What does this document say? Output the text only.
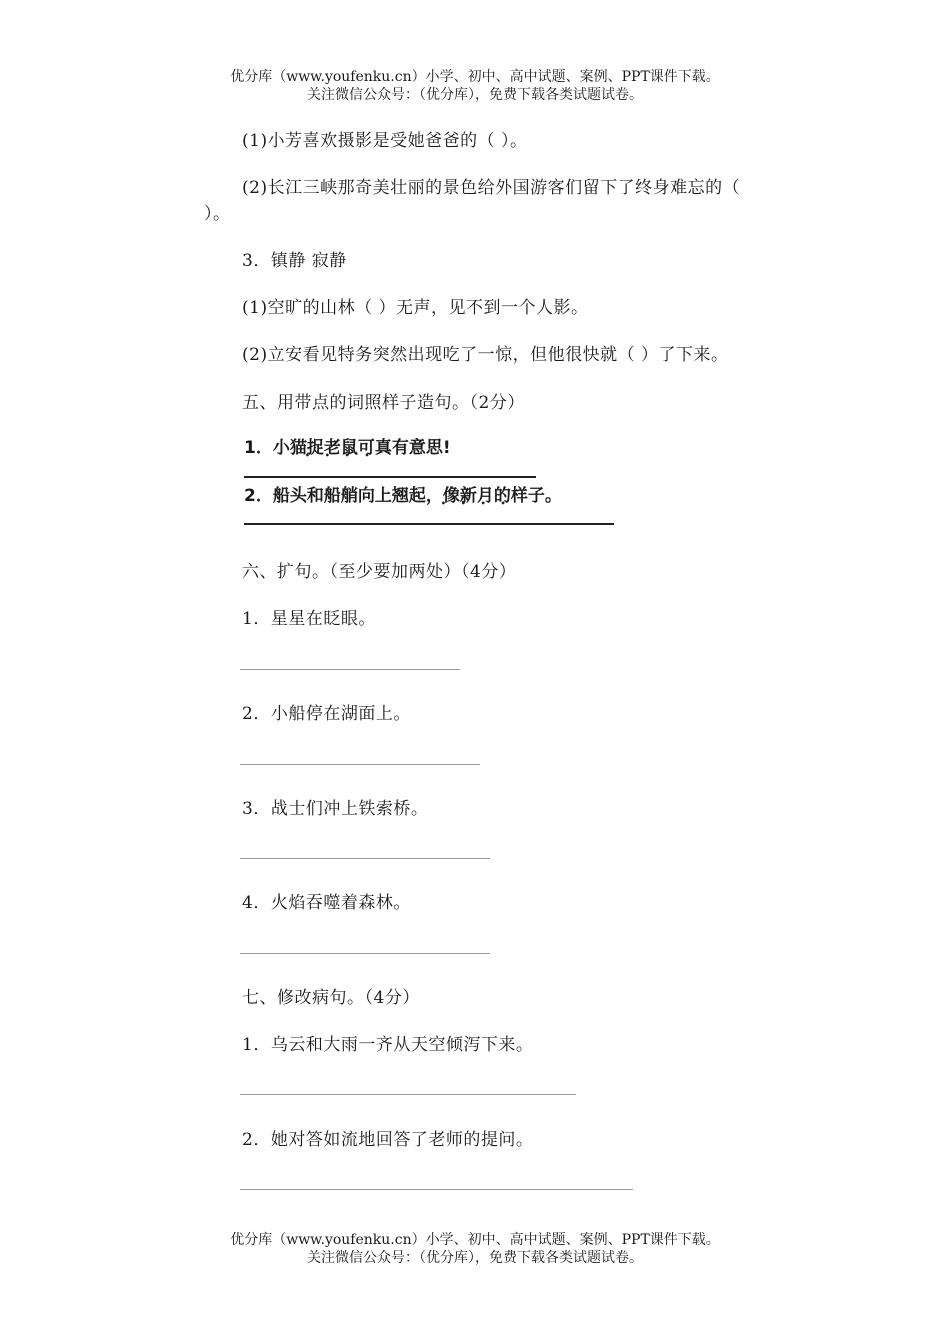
优分库（www.youfenku.cn）小学、初中、高中试题、案例、PPT课件下载。
关注微信公众号：（优分库），免费下载各类试题试卷。
(1)小芳喜欢摄影是受她爸爸的（ ）。
(2)长江三峡那奇美壮丽的景色给外国游客们留下了终身难忘的（
）。
3．镇静 寂静
(1)空旷的山林（ ）无声，见不到一个人影。
(2)立安看见特务突然出现吃了一惊，但他很快就（ ）了下来。
五、用带点的词照样子造句。（2分）
1．小猫捉老鼠 • • • •可真有意思!
2．船头和船艄向上翘起，像新月的样子 • • • •。
六、扩句。（至少要加两处）（4分）
1．星星在眨眼。
2．小船停在湖面上。
3．战士们冲上铁索桥。
4．火焰吞噬着森林。
七、修改病句。（4分）
1．乌云和大雨一齐从天空倾泻下来。
2．她对答如流地回答了老师的提问。
优分库（www.youfenku.cn）小学、初中、高中试题、案例、PPT课件下载。
关注微信公众号：（优分库），免费下载各类试题试卷。
